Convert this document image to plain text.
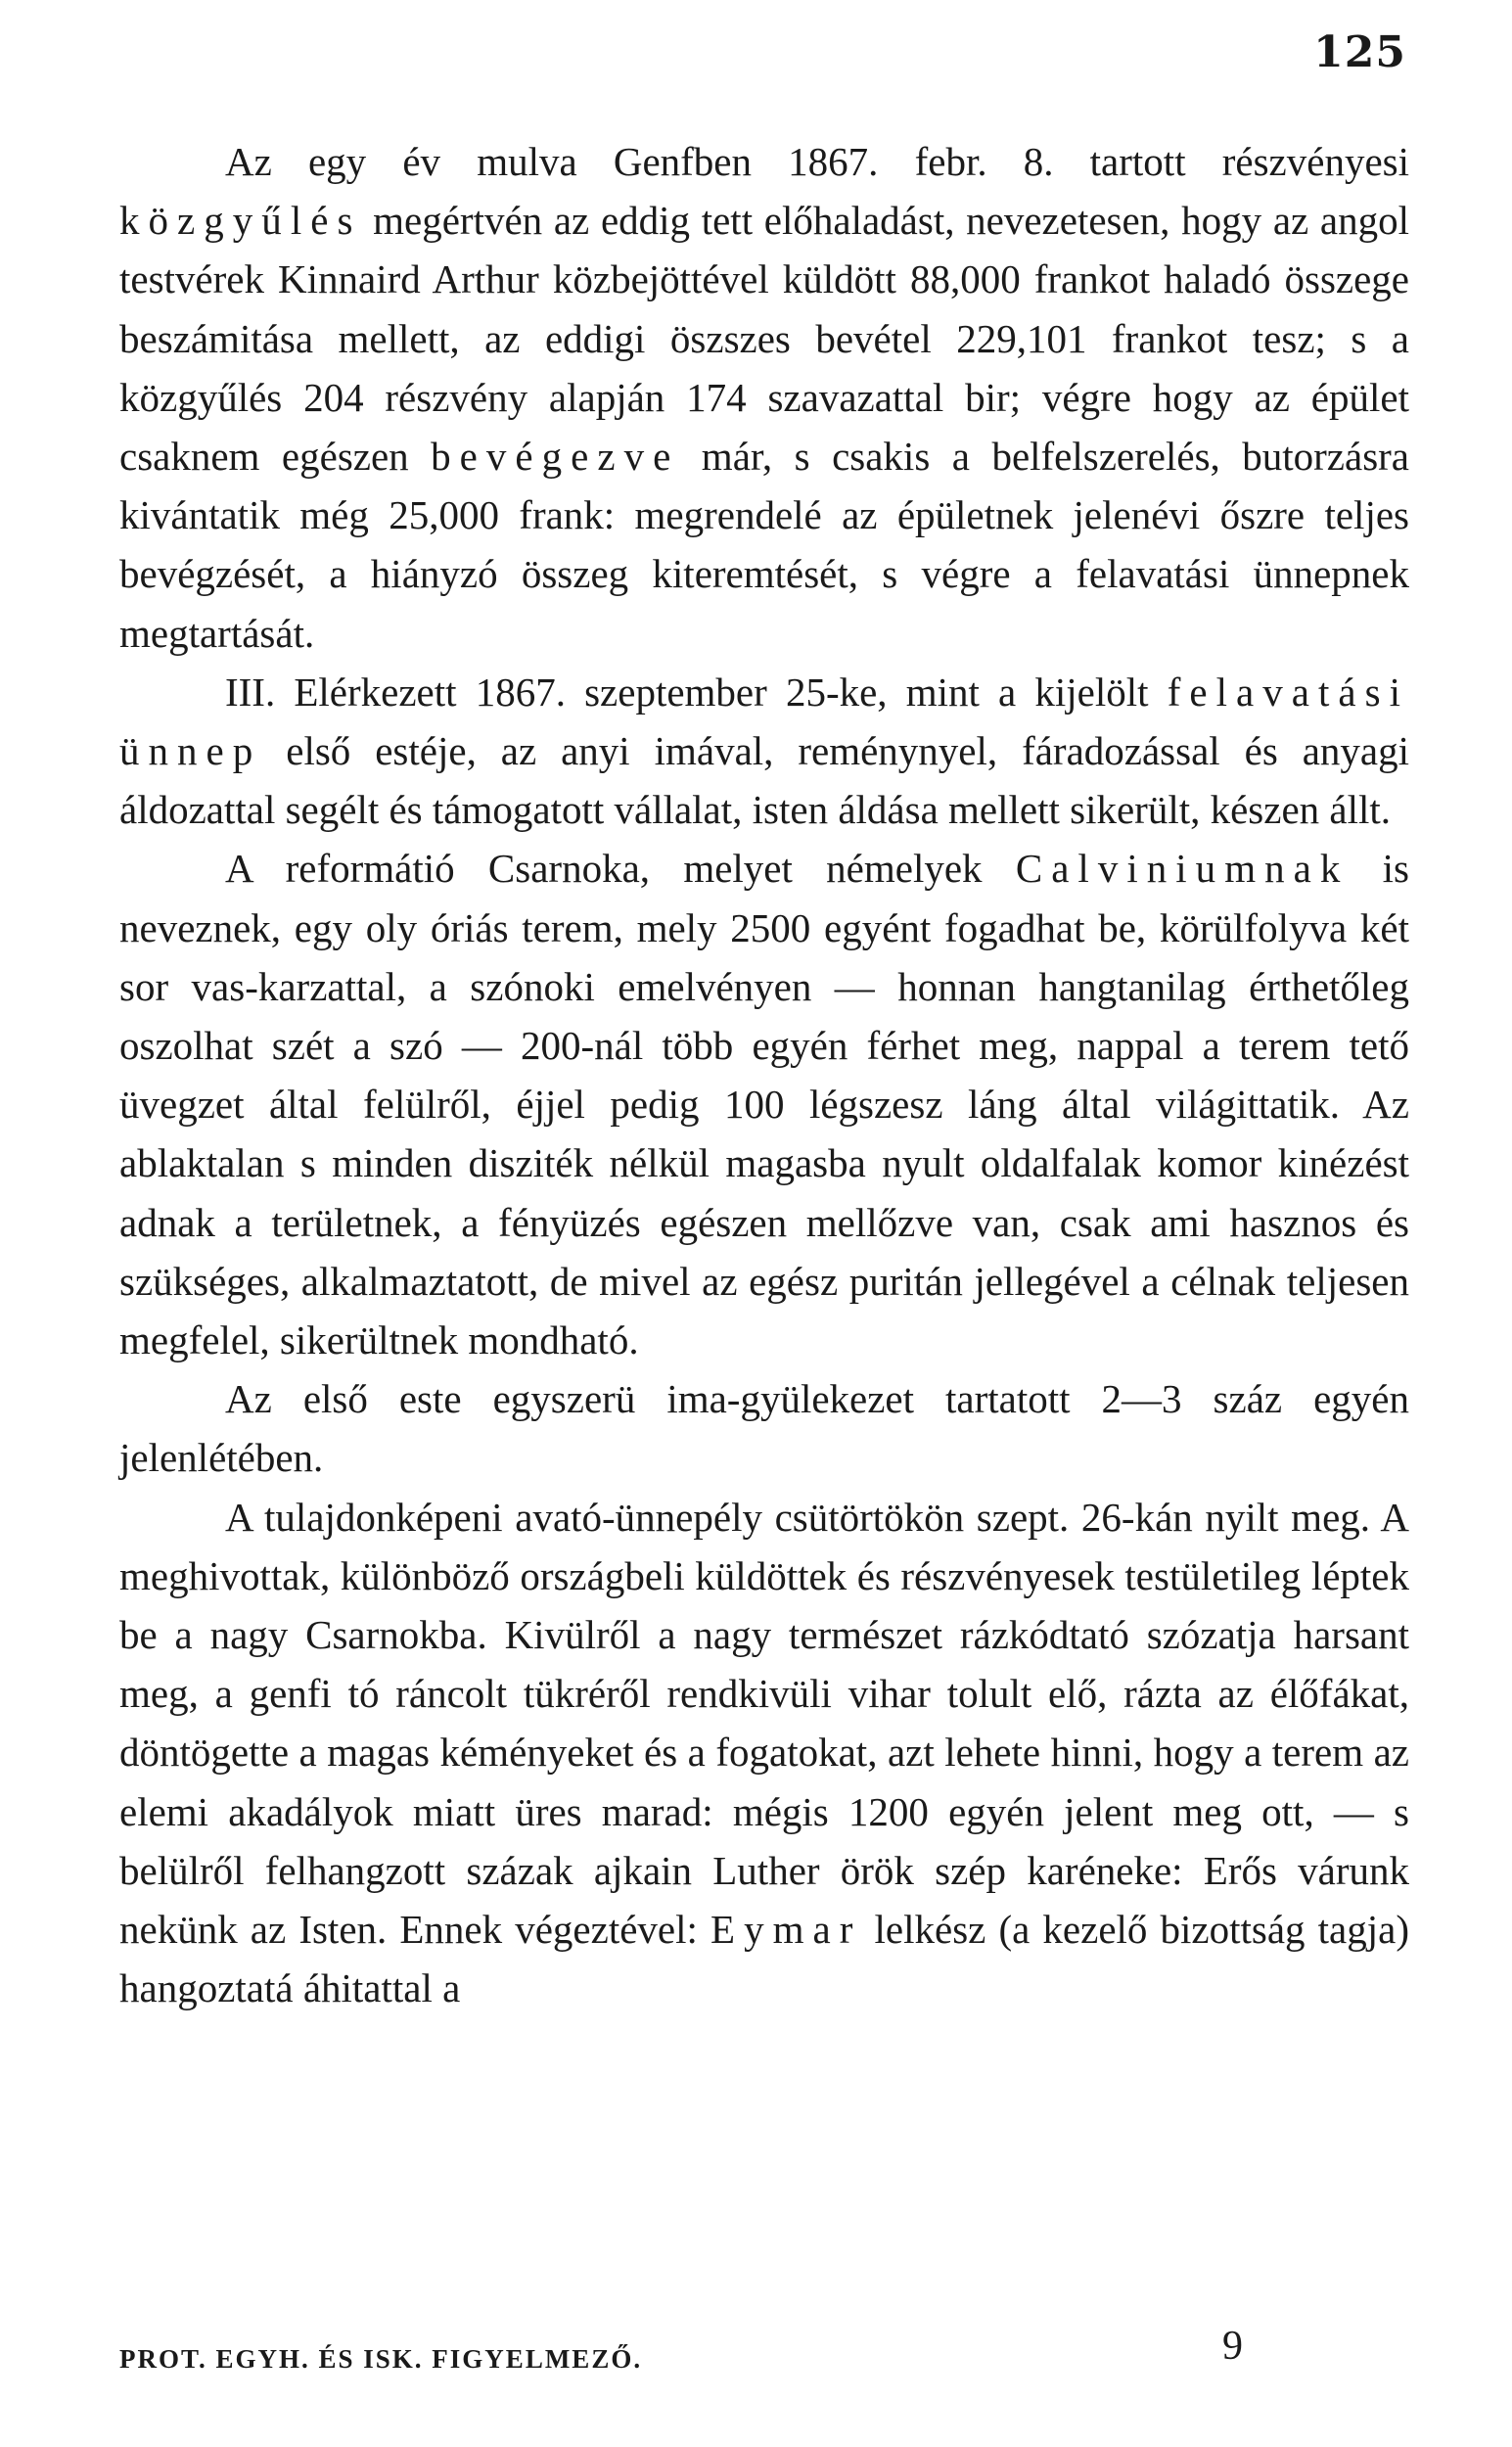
125

Az egy év mulva Genfben 1867. febr. 8. tartott részvényesi közgyűlés megértvén az eddig tett előhaladást, nevezetesen, hogy az angol testvérek Kinnaird Arthur közbejöttével küldött 88,000 frankot haladó összege beszámitása mellett, az eddigi öszszes bevétel 229,101 frankot tesz; s a közgyűlés 204 részvény alapján 174 szavazattal bir; végre hogy az épület csaknem egészen bevégezve már, s csakis a belfelszerelés, butorzásra kivántatik még 25,000 frank: megrendelé az épületnek jelenévi őszre teljes bevégzését, a hiányzó összeg kiteremtését, s végre a felavatási ünnepnek megtartását.

III. Elérkezett 1867. szeptember 25-ke, mint a kijelölt felavatási ünnep első estéje, az anyi imával, reménynyel, fáradozással és anyagi áldozattal segélt és támogatott vállalat, isten áldása mellett sikerült, készen állt.

A reformátió Csarnoka, melyet némelyek Calviniumnak is neveznek, egy oly óriás terem, mely 2500 egyént fogadhat be, körülfolyva két sor vas-karzattal, a szónoki emelvényen — honnan hangtanilag érthetőleg oszolhat szét a szó — 200-nál több egyén férhet meg, nappal a terem tető üvegzet által felülről, éjjel pedig 100 légszesz láng által világittatik. Az ablaktalan s minden disziték nélkül magasba nyult oldalfalak komor kinézést adnak a területnek, a fényüzés egészen mellőzve van, csak ami hasznos és szükséges, alkalmaztatott, de mivel az egész puritán jellegével a célnak teljesen megfelel, sikerültnek mondható.

Az első este egyszerü ima-gyülekezet tartatott 2—3 száz egyén jelenlétében.

A tulajdonképeni avató-ünnepély csütörtökön szept. 26-kán nyilt meg. A meghivottak, különböző országbeli küldöttek és részvényesek testületileg léptek be a nagy Csarnokba. Kivülről a nagy természet rázkódtató szózatja harsant meg, a genfi tó ráncolt tükréről rendkivüli vihar tolult elő, rázta az élőfákat, döntögette a magas kéményeket és a fogatokat, azt lehete hinni, hogy a terem az elemi akadályok miatt üres marad: mégis 1200 egyén jelent meg ott, — s belülről felhangzott százak ajkain Luther örök szép karéneke: Erős várunk nekünk az Isten. Ennek végeztével: Eymar lelkész (a kezelő bizottság tagja) hangoztatá áhitattal a

PROT. EGYH. ÉS ISK. FIGYELMEZŐ.	9
